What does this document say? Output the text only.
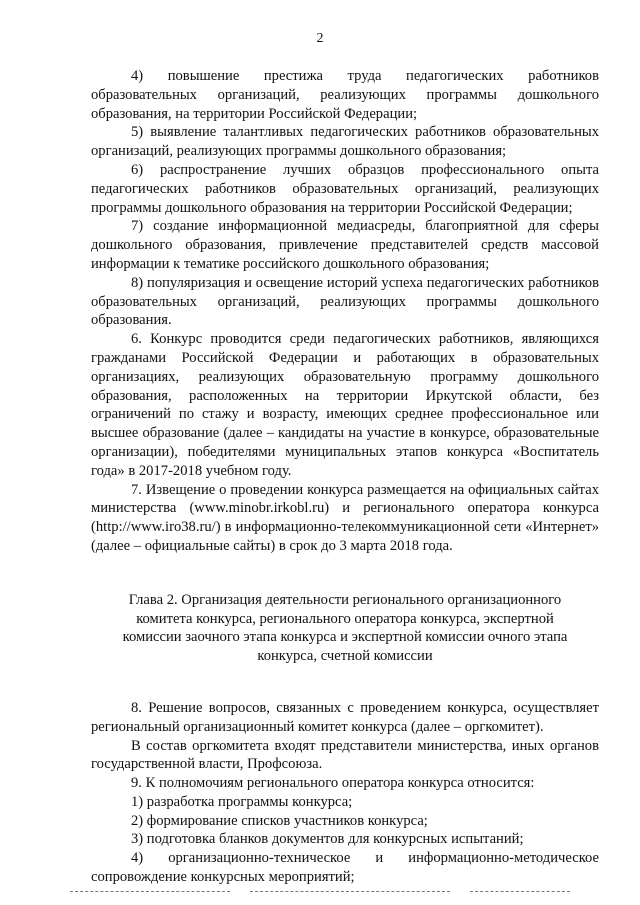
2

4) повышение престижа труда педагогических работников образовательных организаций, реализующих программы дошкольного образования, на территории Российской Федерации;

5) выявление талантливых педагогических работников образовательных организаций, реализующих программы дошкольного образования;

6) распространение лучших образцов профессионального опыта педагогических работников образовательных организаций, реализующих программы дошкольного образования на территории Российской Федерации;

7) создание информационной медиасреды, благоприятной для сферы дошкольного образования, привлечение представителей средств массовой информации к тематике российского дошкольного образования;

8) популяризация и освещение историй успеха педагогических работников образовательных организаций, реализующих программы дошкольного образования.

6. Конкурс проводится среди педагогических работников, являющихся гражданами Российской Федерации и работающих в образовательных организациях, реализующих образовательную программу дошкольного образования, расположенных на территории Иркутской области, без ограничений по стажу и возрасту, имеющих среднее профессиональное или высшее образование (далее – кандидаты на участие в конкурсе, образовательные организации), победителями муниципальных этапов конкурса «Воспитатель года» в 2017-2018 учебном году.

7. Извещение о проведении конкурса размещается на официальных сайтах министерства (www.minobr.irkobl.ru) и регионального оператора конкурса (http://www.iro38.ru/) в информационно-телекоммуникационной сети «Интернет» (далее – официальные сайты) в срок до 3 марта 2018 года.

Глава 2. Организация деятельности регионального организационного комитета конкурса, регионального оператора конкурса, экспертной комиссии заочного этапа конкурса и экспертной комиссии очного этапа конкурса, счетной комиссии

8. Решение вопросов, связанных с проведением конкурса, осуществляет региональный организационный комитет конкурса (далее – оргкомитет).

В состав оргкомитета входят представители министерства, иных органов государственной власти, Профсоюза.

9. К полномочиям регионального оператора конкурса относится:

1) разработка программы конкурса;

2) формирование списков участников конкурса;

3) подготовка бланков документов для конкурсных испытаний;

4) организационно-техническое и информационно-методическое сопровождение конкурсных мероприятий;
